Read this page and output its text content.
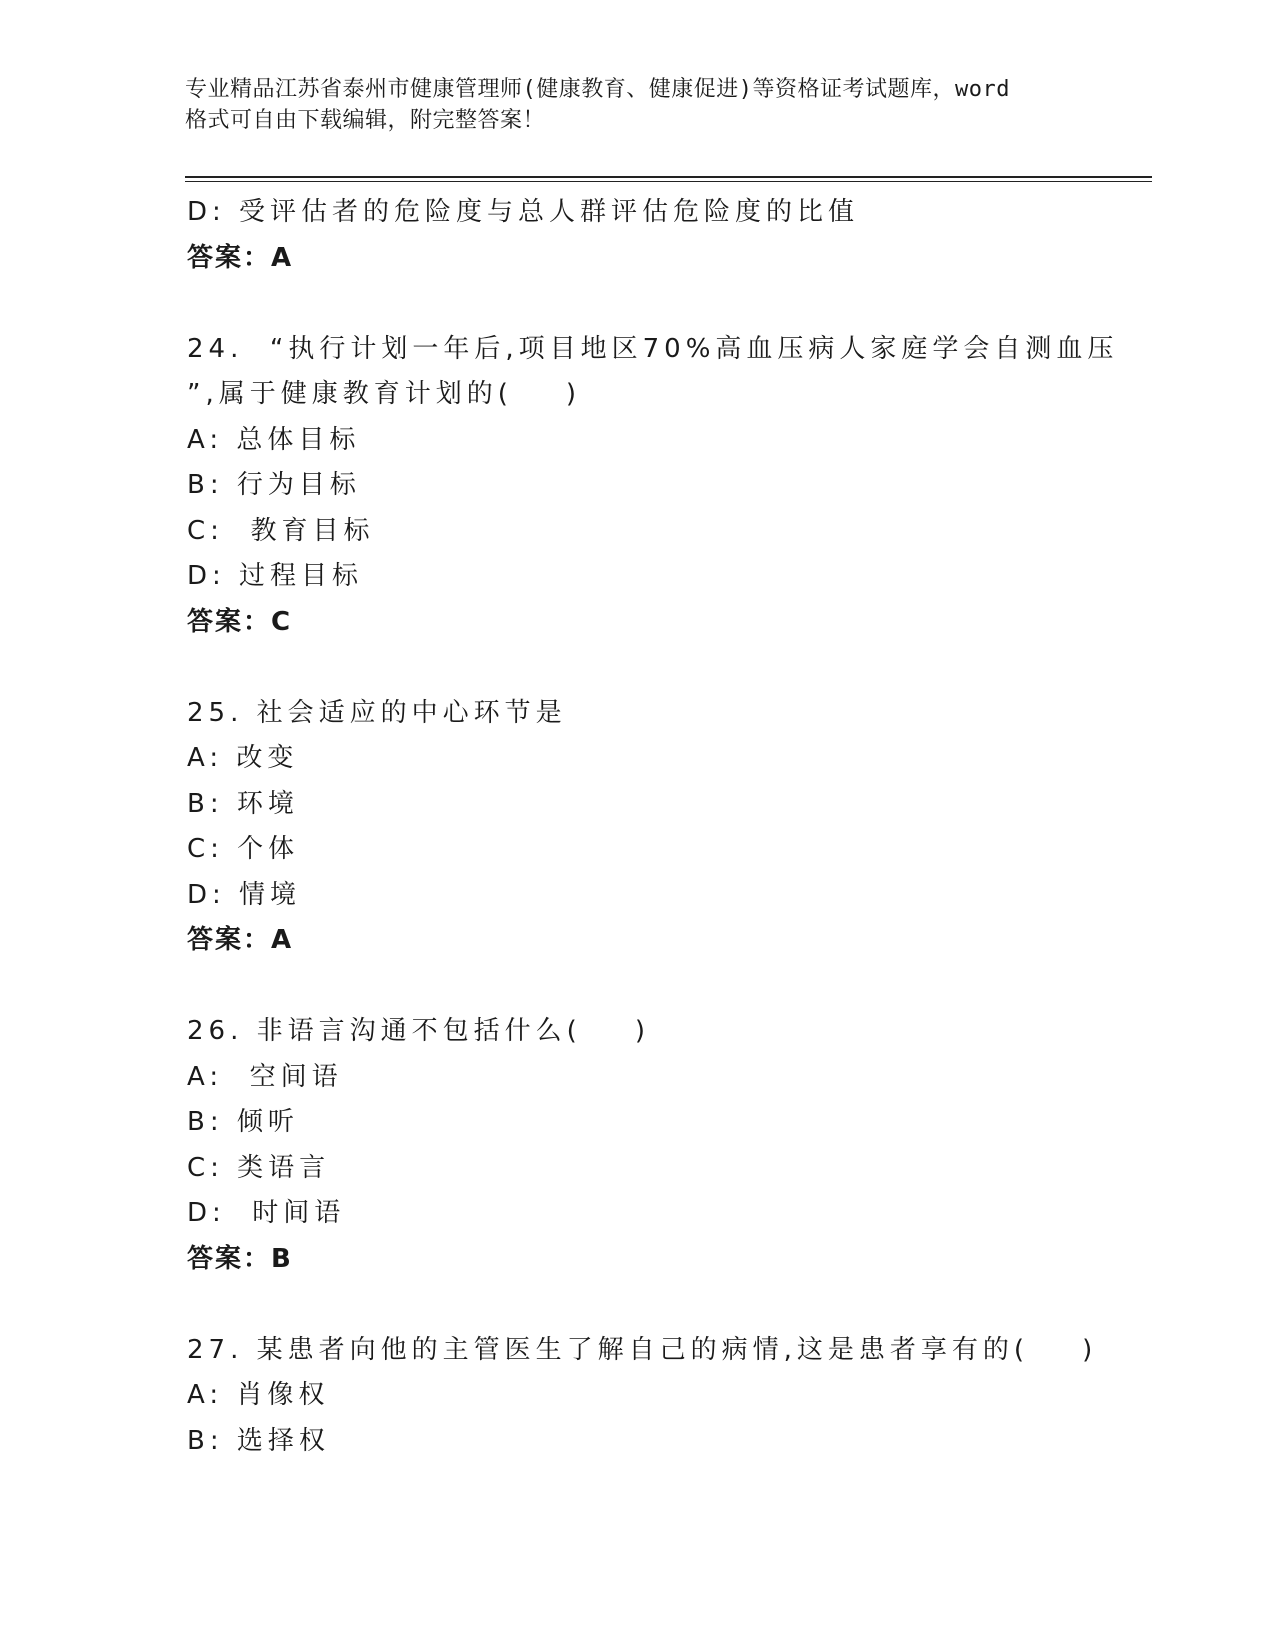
专业精品江苏省泰州市健康管理师(健康教育、健康促进)等资格证考试题库，word
格式可自由下载编辑，附完整答案！
D: 受评估者的危险度与总人群评估危险度的比值
答案：A
24.  “执行计划一年后,项目地区70%高血压病人家庭学会自测血压
”,属于健康教育计划的(    )
A: 总体目标
B: 行为目标
C:  教育目标
D: 过程目标
答案：C
25. 社会适应的中心环节是
A: 改变
B: 环境
C: 个体
D: 情境
答案：A
26. 非语言沟通不包括什么(    )
A:  空间语
B: 倾听
C: 类语言
D:  时间语
答案：B
27. 某患者向他的主管医生了解自己的病情,这是患者享有的(    )
A: 肖像权
B: 选择权
